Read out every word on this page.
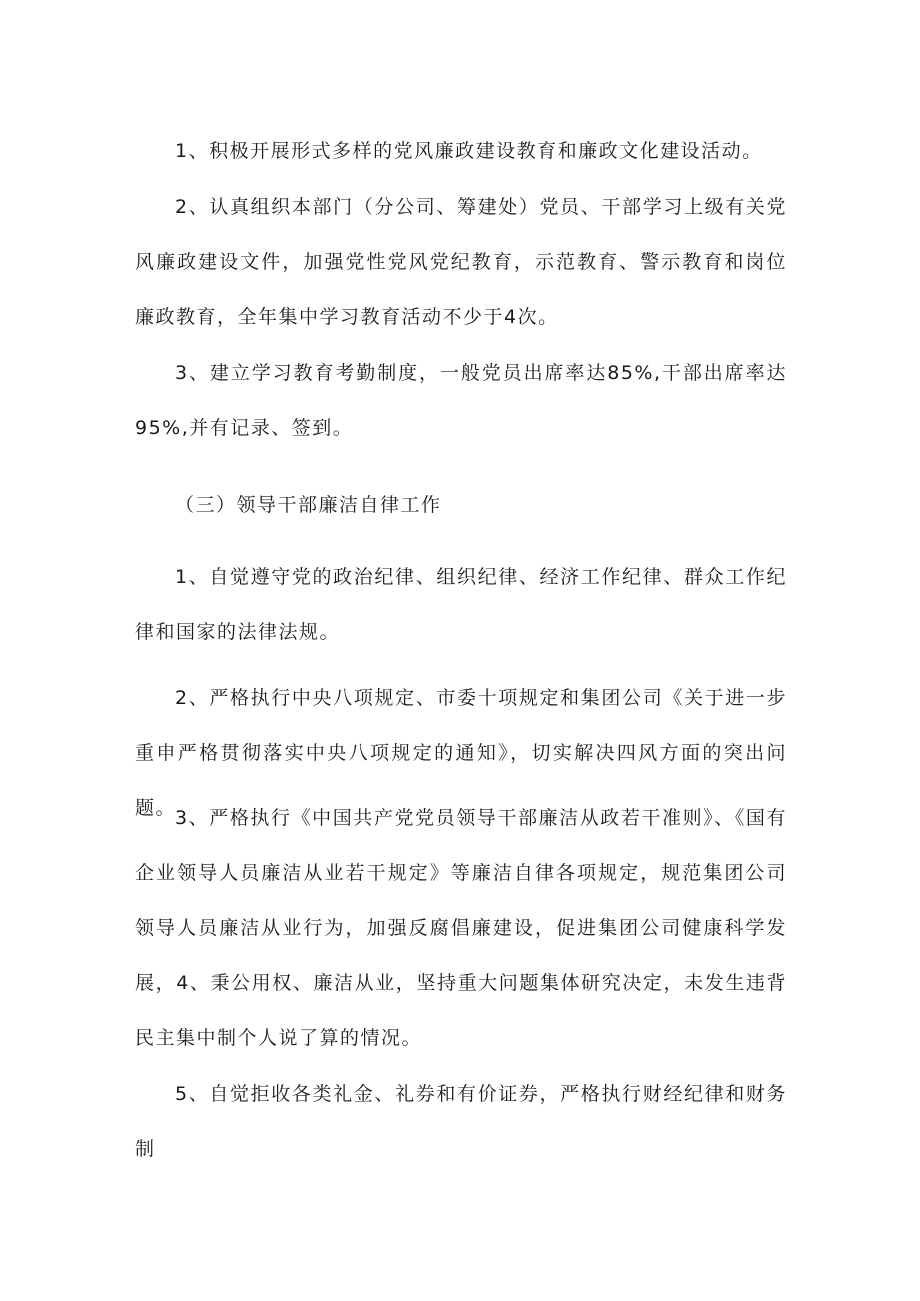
1、积极开展形式多样的党风廉政建设教育和廉政文化建设活动。

2、认真组织本部门（分公司、筹建处）党员、干部学习上级有关党风廉政建设文件，加强党性党风党纪教育，示范教育、警示教育和岗位廉政教育，全年集中学习教育活动不少于4次。

3、建立学习教育考勤制度，一般党员出席率达85%,干部出席率达95%,并有记录、签到。

（三）领导干部廉洁自律工作

1、自觉遵守党的政治纪律、组织纪律、经济工作纪律、群众工作纪律和国家的法律法规。

2、严格执行中央八项规定、市委十项规定和集团公司《关于进一步重申严格贯彻落实中央八项规定的通知》，切实解决四风方面的突出问题。

3、严格执行《中国共产党党员领导干部廉洁从政若干准则》、《国有企业领导人员廉洁从业若干规定》等廉洁自律各项规定，规范集团公司领导人员廉洁从业行为，加强反腐倡廉建设，促进集团公司健康科学发展，4、秉公用权、廉洁从业，坚持重大问题集体研究决定，未发生违背民主集中制个人说了算的情况。

5、自觉拒收各类礼金、礼券和有价证券，严格执行财经纪律和财务制
